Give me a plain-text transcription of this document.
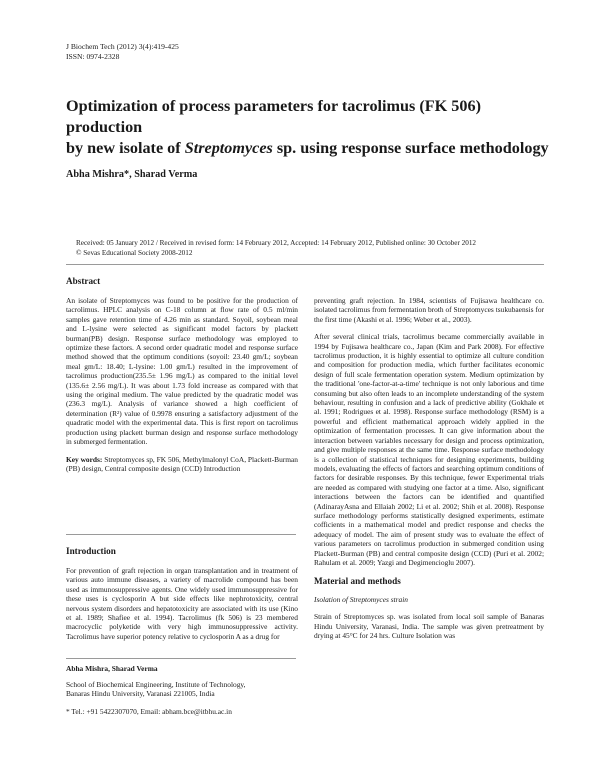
J Biochem Tech (2012) 3(4):419-425
ISSN: 0974-2328
Optimization of process parameters for tacrolimus (FK 506) production
by new isolate of Streptomyces sp. using response surface methodology
Abha Mishra*, Sharad Verma
Received: 05 January 2012 / Received in revised form: 14 February 2012, Accepted: 14 February 2012, Published online: 30 October 2012
© Sevas Educational Society 2008-2012
Abstract

An isolate of Streptomyces was found to be positive for the production of tacrolimus. HPLC analysis on C-18 column at flow rate of 0.5 ml/min samples gave retention time of 4.26 min as standard. Soyoil, soybean meal and L-lysine were selected as significant model factors by plackett burman(PB) design. Response surface methodology was employed to optimize these factors. A second order quadratic model and response surface method showed that the optimum conditions (soyoil: 23.40 gm/L; soybean meal gm/L: 18.40; L-lysine: 1.00 gm/L) resulted in the improvement of tacrolimus production(235.5± 1.96 mg/L) as compared to the initial level (135.6± 2.56 mg/L). It was about 1.73 fold increase as compared with that using the original medium. The value predicted by the quadratic model was (236.3 mg/L). Analysis of variance showed a high coefficient of determination (R²) value of 0.9978 ensuring a satisfactory adjustment of the quadratic model with the experimental data. This is first report on tacrolimus production using plackett burman design and response surface methodology in submerged fermentation.

Key words: Streptomyces sp, FK 506, Methylmalonyl CoA, Plackett-Burman (PB) design, Central composite design (CCD) Introduction

Introduction

For prevention of graft rejection in organ transplantation and in treatment of various auto immune diseases, a variety of macrolide compound has been used as immunosuppressive agents. One widely used immunosuppressive for these uses is cyclosporin A but side effects like nephrotoxicity, central nervous system disorders and hepatotoxicity are associated with its use (Kino et al. 1989; Shafiee et al. 1994). Tacrolimus (fk 506) is 23 membered macrocyclic polyketide with very high immunosuppressive activity. Tacrolimus have superior potency relative to cyclosporin A as a drug for

Abha Mishra, Sharad Verma
School of Biochemical Engineering, Institute of Technology,
Banaras Hindu University, Varanasi 221005, India
* Tel.: +91 5422307070, Email: abham.bce@itbhu.ac.in

preventing graft rejection. In 1984, scientists of Fujisawa healthcare co. isolated tacrolimus from fermentation broth of Streptomyces tsukubaensis for the first time (Akashi et al. 1996; Weber et al., 2003).

After several clinical trials, tacrolimus became commercially available in 1994 by Fujisawa healthcare co., Japan (Kim and Park 2008). For effective tacrolimus production, it is highly essential to optimize all culture condition and composition for production media, which further facilitates economic design of full scale fermentation operation system. Medium optimization by the traditional 'one-factor-at-a-time' technique is not only laborious and time consuming but also often leads to an incomplete understanding of the system behaviour, resulting in confusion and a lack of predictive ability (Gokhale et al. 1991; Rodrigues et al. 1998). Response surface methodology (RSM) is a powerful and efficient mathematical approach widely applied in the optimization of fermentation processes. It can give information about the interaction between variables necessary for design and process optimization, and give multiple responses at the same time. Response surface methodology is a collection of statistical techniques for designing experiments, building models, evaluating the effects of factors and searching optimum conditions of factors for desirable responses. By this technique, fewer Experimental trials are needed as compared with studying one factor at a time. Also, significant interactions between the factors can be identified and quantified (AdinarayAsna and Ellaiah 2002; Li et al. 2002; Shih et al. 2008). Response surface methodology performs statistically designed experiments, estimate cofficients in a mathematical model and predict response and checks the adequacy of model. The aim of present study was to evaluate the effect of various parameters on tacrolimus production in submerged condition using Plackett-Burman (PB) and central composite design (CCD) (Puri et al. 2002; Rahulam et al. 2009; Yazgi and Degimencioglu 2007).

Material and methods
Isolation of Streptomyces strain

Strain of Streptomyces sp. was isolated from local soil sample of Banaras Hindu University, Varanasi, India. The sample was given pretreatment by drying at 45°C for 24 hrs. Culture Isolation was
